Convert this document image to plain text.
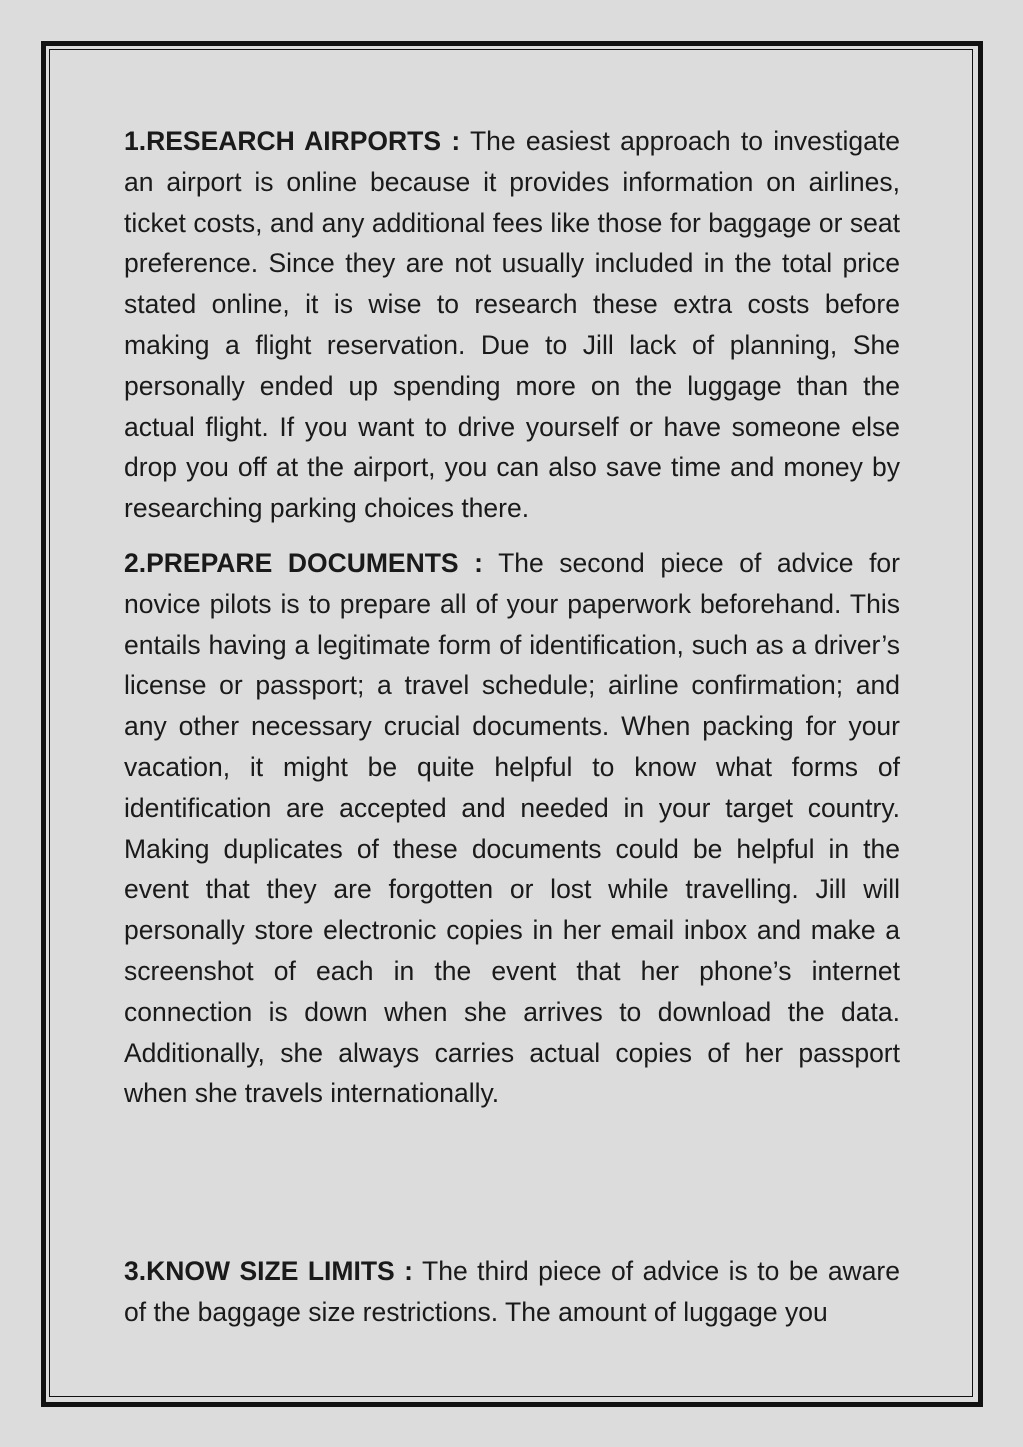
1.RESEARCH AIRPORTS : The easiest approach to investigate an airport is online because it provides information on airlines, ticket costs, and any additional fees like those for baggage or seat preference. Since they are not usually included in the total price stated online, it is wise to research these extra costs before making a flight reservation. Due to Jill lack of planning, She personally ended up spending more on the luggage than the actual flight. If you want to drive yourself or have someone else drop you off at the airport, you can also save time and money by researching parking choices there.

2.PREPARE DOCUMENTS : The second piece of advice for novice pilots is to prepare all of your paperwork beforehand. This entails having a legitimate form of identification, such as a driver’s license or passport; a travel schedule; airline confirmation; and any other necessary crucial documents. When packing for your vacation, it might be quite helpful to know what forms of identification are accepted and needed in your target country. Making duplicates of these documents could be helpful in the event that they are forgotten or lost while travelling. Jill will personally store electronic copies in her email inbox and make a screenshot of each in the event that her phone’s internet connection is down when she arrives to download the data. Additionally, she always carries actual copies of her passport when she travels internationally.

3.KNOW SIZE LIMITS : The third piece of advice is to be aware of the baggage size restrictions. The amount of luggage you
